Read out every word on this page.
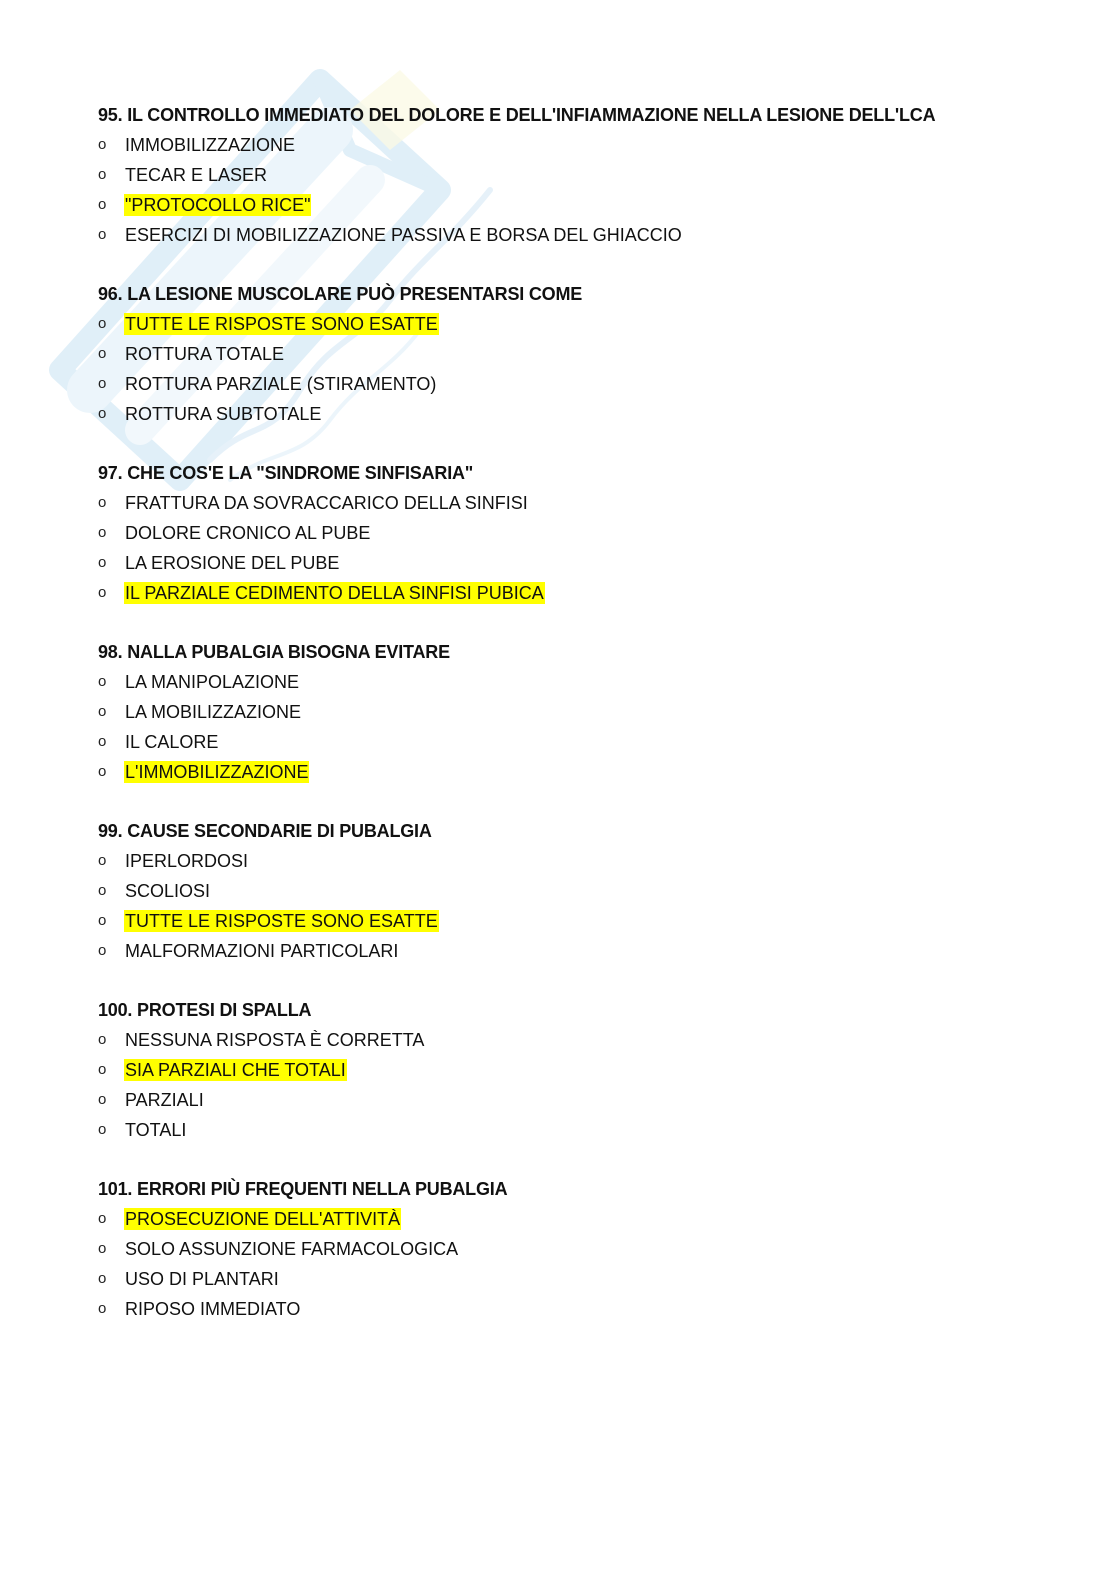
95. IL CONTROLLO IMMEDIATO DEL DOLORE E DELL'INFIAMMAZIONE NELLA LESIONE DELL'LCA
o	IMMOBILIZZAZIONE
o	TECAR E LASER
o	"PROTOCOLLO RICE"
o	ESERCIZI DI MOBILIZZAZIONE PASSIVA E BORSA DEL GHIACCIO
96. LA LESIONE MUSCOLARE PUÒ PRESENTARSI COME
o	TUTTE LE RISPOSTE SONO ESATTE
o	ROTTURA TOTALE
o	ROTTURA PARZIALE (STIRAMENTO)
o	ROTTURA SUBTOTALE
97. CHE COS'E LA "SINDROME SINFISARIA"
o	FRATTURA DA SOVRACCARICO DELLA SINFISI
o	DOLORE CRONICO AL PUBE
o	LA EROSIONE DEL PUBE
o	IL PARZIALE CEDIMENTO DELLA SINFISI PUBICA
98. NALLA PUBALGIA BISOGNA EVITARE
o	LA MANIPOLAZIONE
o	LA MOBILIZZAZIONE
o	IL CALORE
o	L'IMMOBILIZZAZIONE
99. CAUSE SECONDARIE DI PUBALGIA
o	IPERLORDOSI
o	SCOLIOSI
o	TUTTE LE RISPOSTE SONO ESATTE
o	MALFORMAZIONI PARTICOLARI
100. PROTESI DI SPALLA
o	NESSUNA RISPOSTA È CORRETTA
o	SIA PARZIALI CHE TOTALI
o	PARZIALI
o	TOTALI
101. ERRORI PIÙ FREQUENTI NELLA PUBALGIA
o	PROSECUZIONE DELL'ATTIVITÀ
o	SOLO ASSUNZIONE FARMACOLOGICA
o	USO DI PLANTARI
o	RIPOSO IMMEDIATO
